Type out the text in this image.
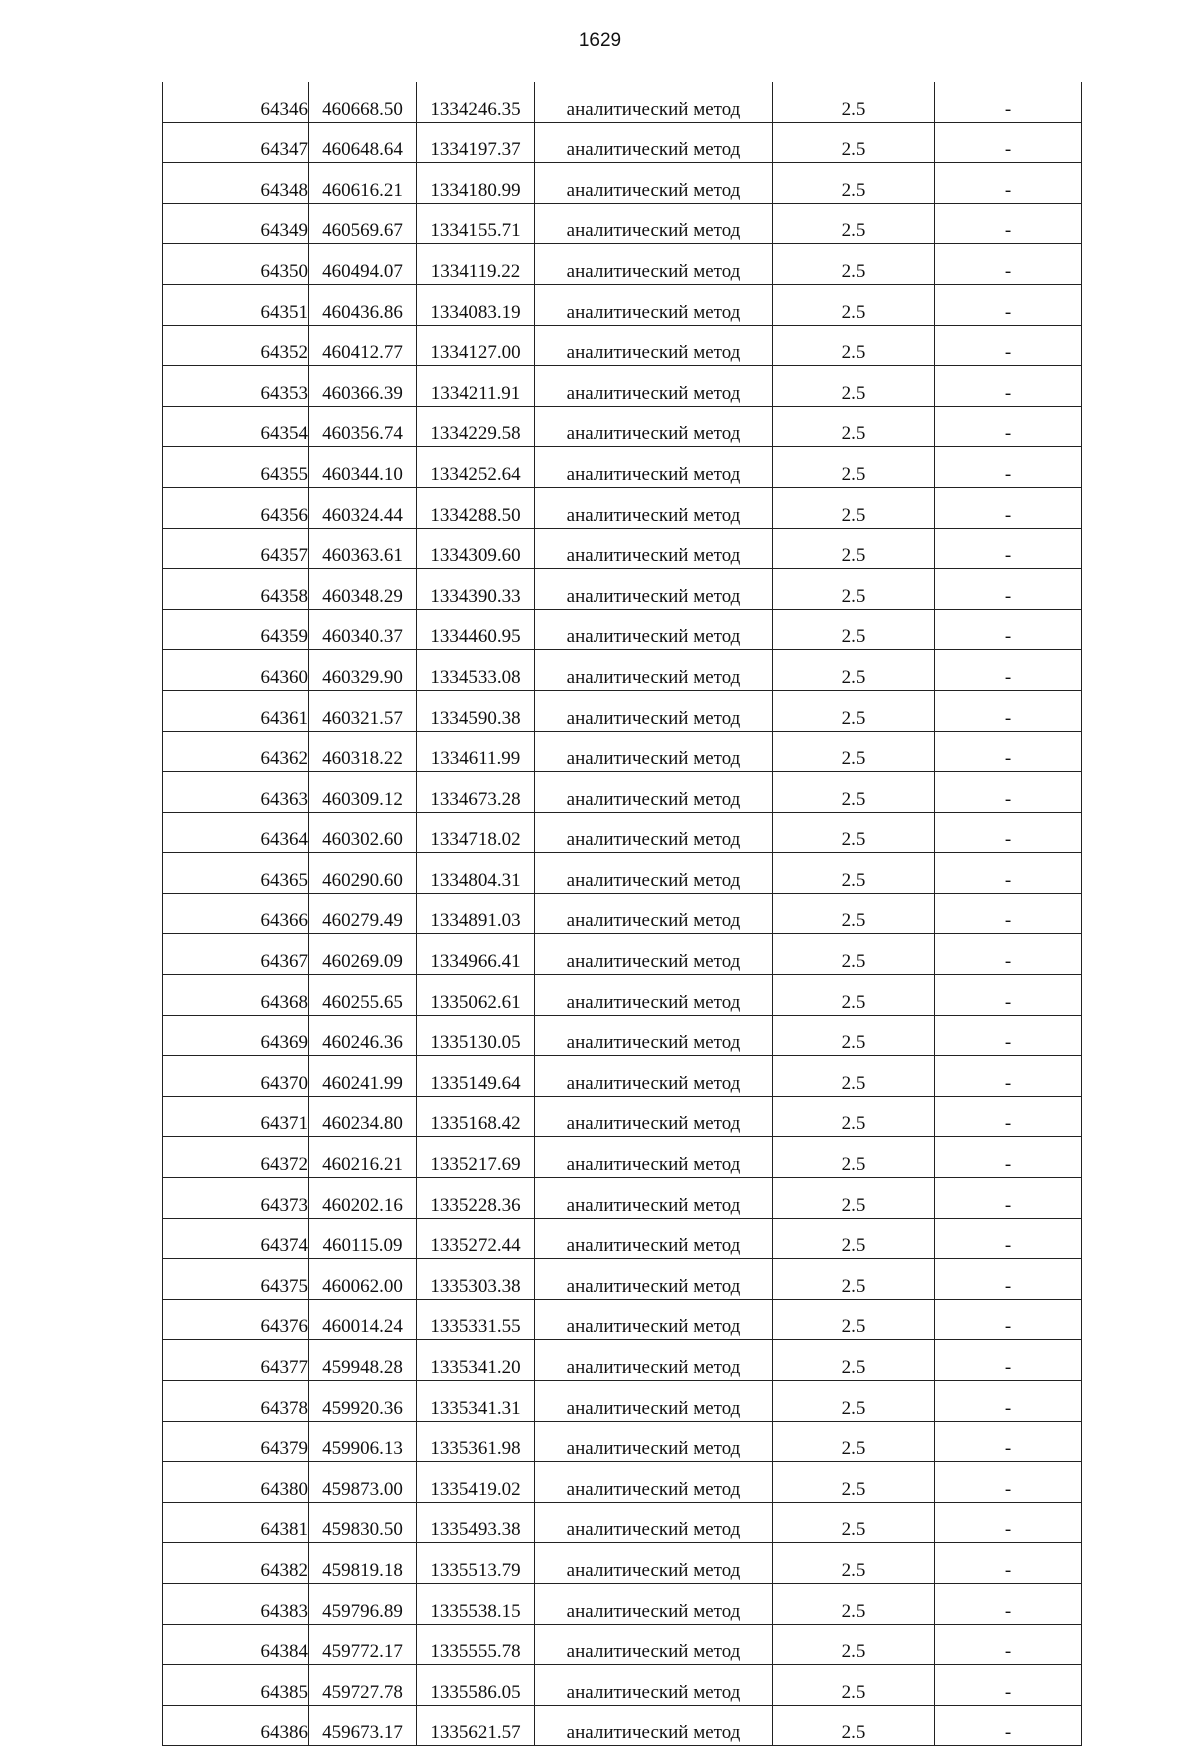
1629
64346	460668.50	1334246.35	аналитический метод	2.5	-
64347	460648.64	1334197.37	аналитический метод	2.5	-
64348	460616.21	1334180.99	аналитический метод	2.5	-
64349	460569.67	1334155.71	аналитический метод	2.5	-
64350	460494.07	1334119.22	аналитический метод	2.5	-
64351	460436.86	1334083.19	аналитический метод	2.5	-
64352	460412.77	1334127.00	аналитический метод	2.5	-
64353	460366.39	1334211.91	аналитический метод	2.5	-
64354	460356.74	1334229.58	аналитический метод	2.5	-
64355	460344.10	1334252.64	аналитический метод	2.5	-
64356	460324.44	1334288.50	аналитический метод	2.5	-
64357	460363.61	1334309.60	аналитический метод	2.5	-
64358	460348.29	1334390.33	аналитический метод	2.5	-
64359	460340.37	1334460.95	аналитический метод	2.5	-
64360	460329.90	1334533.08	аналитический метод	2.5	-
64361	460321.57	1334590.38	аналитический метод	2.5	-
64362	460318.22	1334611.99	аналитический метод	2.5	-
64363	460309.12	1334673.28	аналитический метод	2.5	-
64364	460302.60	1334718.02	аналитический метод	2.5	-
64365	460290.60	1334804.31	аналитический метод	2.5	-
64366	460279.49	1334891.03	аналитический метод	2.5	-
64367	460269.09	1334966.41	аналитический метод	2.5	-
64368	460255.65	1335062.61	аналитический метод	2.5	-
64369	460246.36	1335130.05	аналитический метод	2.5	-
64370	460241.99	1335149.64	аналитический метод	2.5	-
64371	460234.80	1335168.42	аналитический метод	2.5	-
64372	460216.21	1335217.69	аналитический метод	2.5	-
64373	460202.16	1335228.36	аналитический метод	2.5	-
64374	460115.09	1335272.44	аналитический метод	2.5	-
64375	460062.00	1335303.38	аналитический метод	2.5	-
64376	460014.24	1335331.55	аналитический метод	2.5	-
64377	459948.28	1335341.20	аналитический метод	2.5	-
64378	459920.36	1335341.31	аналитический метод	2.5	-
64379	459906.13	1335361.98	аналитический метод	2.5	-
64380	459873.00	1335419.02	аналитический метод	2.5	-
64381	459830.50	1335493.38	аналитический метод	2.5	-
64382	459819.18	1335513.79	аналитический метод	2.5	-
64383	459796.89	1335538.15	аналитический метод	2.5	-
64384	459772.17	1335555.78	аналитический метод	2.5	-
64385	459727.78	1335586.05	аналитический метод	2.5	-
64386	459673.17	1335621.57	аналитический метод	2.5	-
